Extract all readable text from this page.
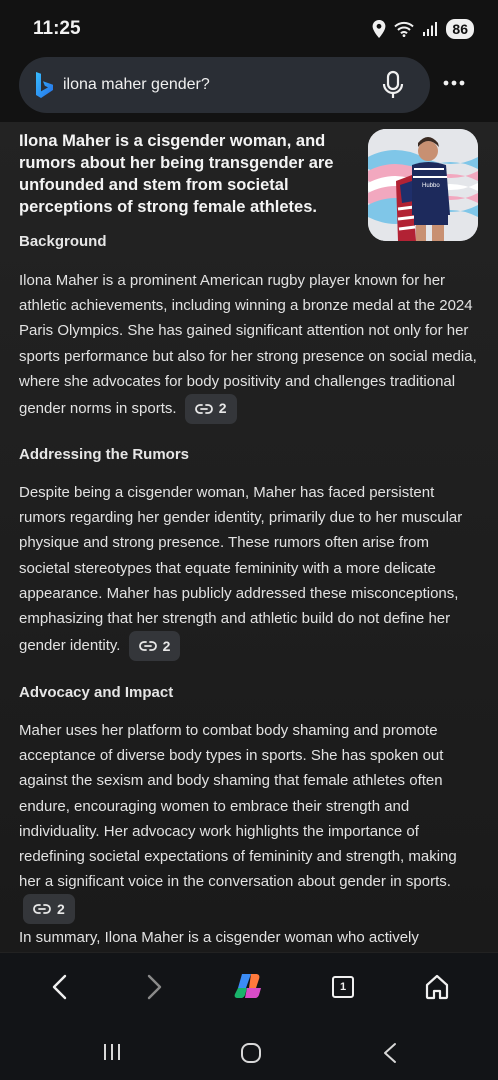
11:25	86
ilona maher gender?
Ilona Maher is a cisgender woman, and rumors about her being transgender are unfounded and stem from societal perceptions of strong female athletes.
Hubbo
Background
Ilona Maher is a prominent American rugby player known for her athletic achievements, including winning a bronze medal at the 2024 Paris Olympics. She has gained significant attention not only for her sports performance but also for her strong presence on social media, where she advocates for body positivity and challenges traditional gender norms in sports.	2
Addressing the Rumors
Despite being a cisgender woman, Maher has faced persistent rumors regarding her gender identity, primarily due to her muscular physique and strong presence. These rumors often arise from societal stereotypes that equate femininity with a more delicate appearance. Maher has publicly addressed these misconceptions, emphasizing that her strength and athletic build do not define her gender identity.	2
Advocacy and Impact
Maher uses her platform to combat body shaming and promote acceptance of diverse body types in sports. She has spoken out against the sexism and body shaming that female athletes often endure, encouraging women to embrace their strength and individuality. Her advocacy work highlights the importance of redefining societal expectations of femininity and strength, making her a significant voice in the conversation about gender in sports.
2
In summary, Ilona Maher is a cisgender woman who actively
1
